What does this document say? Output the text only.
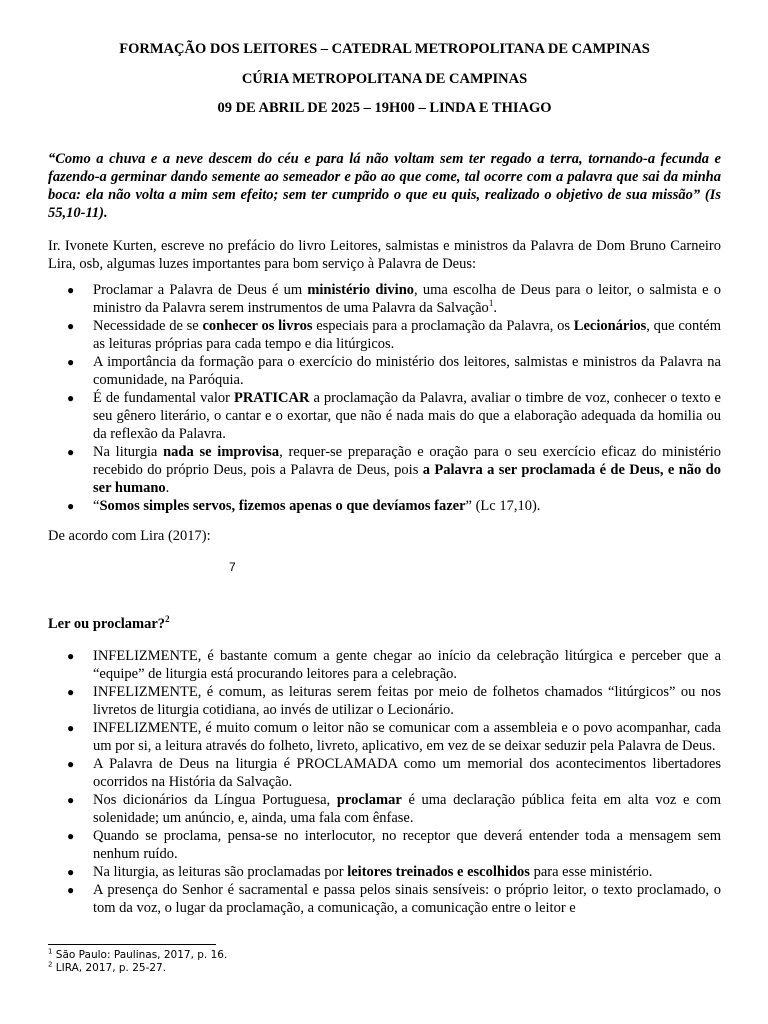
FORMAÇÃO DOS LEITORES – CATEDRAL METROPOLITANA DE CAMPINAS

CÚRIA METROPOLITANA DE CAMPINAS

09 DE ABRIL DE 2025 – 19H00 – LINDA E THIAGO

“Como a chuva e a neve descem do céu e para lá não voltam sem ter regado a terra, tornando-a fecunda e fazendo-a germinar dando semente ao semeador e pão ao que come, tal ocorre com a palavra que sai da minha boca: ela não volta a mim sem efeito; sem ter cumprido o que eu quis, realizado o objetivo de sua missão” (Is 55,10-11).

Ir. Ivonete Kurten, escreve no prefácio do livro Leitores, salmistas e ministros da Palavra de Dom Bruno Carneiro Lira, osb, algumas luzes importantes para bom serviço à Palavra de Deus:

● Proclamar a Palavra de Deus é um ministério divino, uma escolha de Deus para o leitor, o salmista e o ministro da Palavra serem instrumentos de uma Palavra da Salvação$^1$.
● Necessidade de se conhecer os livros especiais para a proclamação da Palavra, os Lecionários, que contém as leituras próprias para cada tempo e dia litúrgicos.
● A importância da formação para o exercício do ministério dos leitores, salmistas e ministros da Palavra na comunidade, na Paróquia.
● É de fundamental valor PRATICAR a proclamação da Palavra, avaliar o timbre de voz, conhecer o texto e seu gênero literário, o cantar e o exortar, que não é nada mais do que a elaboração adequada da homilia ou da reflexão da Palavra.
● Na liturgia nada se improvisa, requer-se preparação e oração para o seu exercício eficaz do ministério recebido do próprio Deus, pois a Palavra de Deus, pois a Palavra a ser proclamada é de Deus, e não do ser humano.
● “Somos simples servos, fizemos apenas o que devíamos fazer” (Lc 17,10).

De acordo com Lira (2017):

7

Ler ou proclamar?$^2$

● INFELIZMENTE, é bastante comum a gente chegar ao início da celebração litúrgica e perceber que a “equipe” de liturgia está procurando leitores para a celebração.
● INFELIZMENTE, é comum, as leituras serem feitas por meio de folhetos chamados “litúrgicos” ou nos livretos de liturgia cotidiana, ao invés de utilizar o Lecionário.
● INFELIZMENTE, é muito comum o leitor não se comunicar com a assembleia e o povo acompanhar, cada um por si, a leitura através do folheto, livreto, aplicativo, em vez de se deixar seduzir pela Palavra de Deus.
● A Palavra de Deus na liturgia é PROCLAMADA como um memorial dos acontecimentos libertadores ocorridos na História da Salvação.
● Nos dicionários da Língua Portuguesa, proclamar é uma declaração pública feita em alta voz e com solenidade; um anúncio, e, ainda, uma fala com ênfase.
● Quando se proclama, pensa-se no interlocutor, no receptor que deverá entender toda a mensagem sem nenhum ruído.
● Na liturgia, as leituras são proclamadas por leitores treinados e escolhidos para esse ministério.
● A presença do Senhor é sacramental e passa pelos sinais sensíveis: o próprio leitor, o texto proclamado, o tom da voz, o lugar da proclamação, a comunicação, a comunicação entre o leitor e
$^1$ São Paulo: Paulinas, 2017, p. 16.
$^2$ LIRA, 2017, p. 25-27.
